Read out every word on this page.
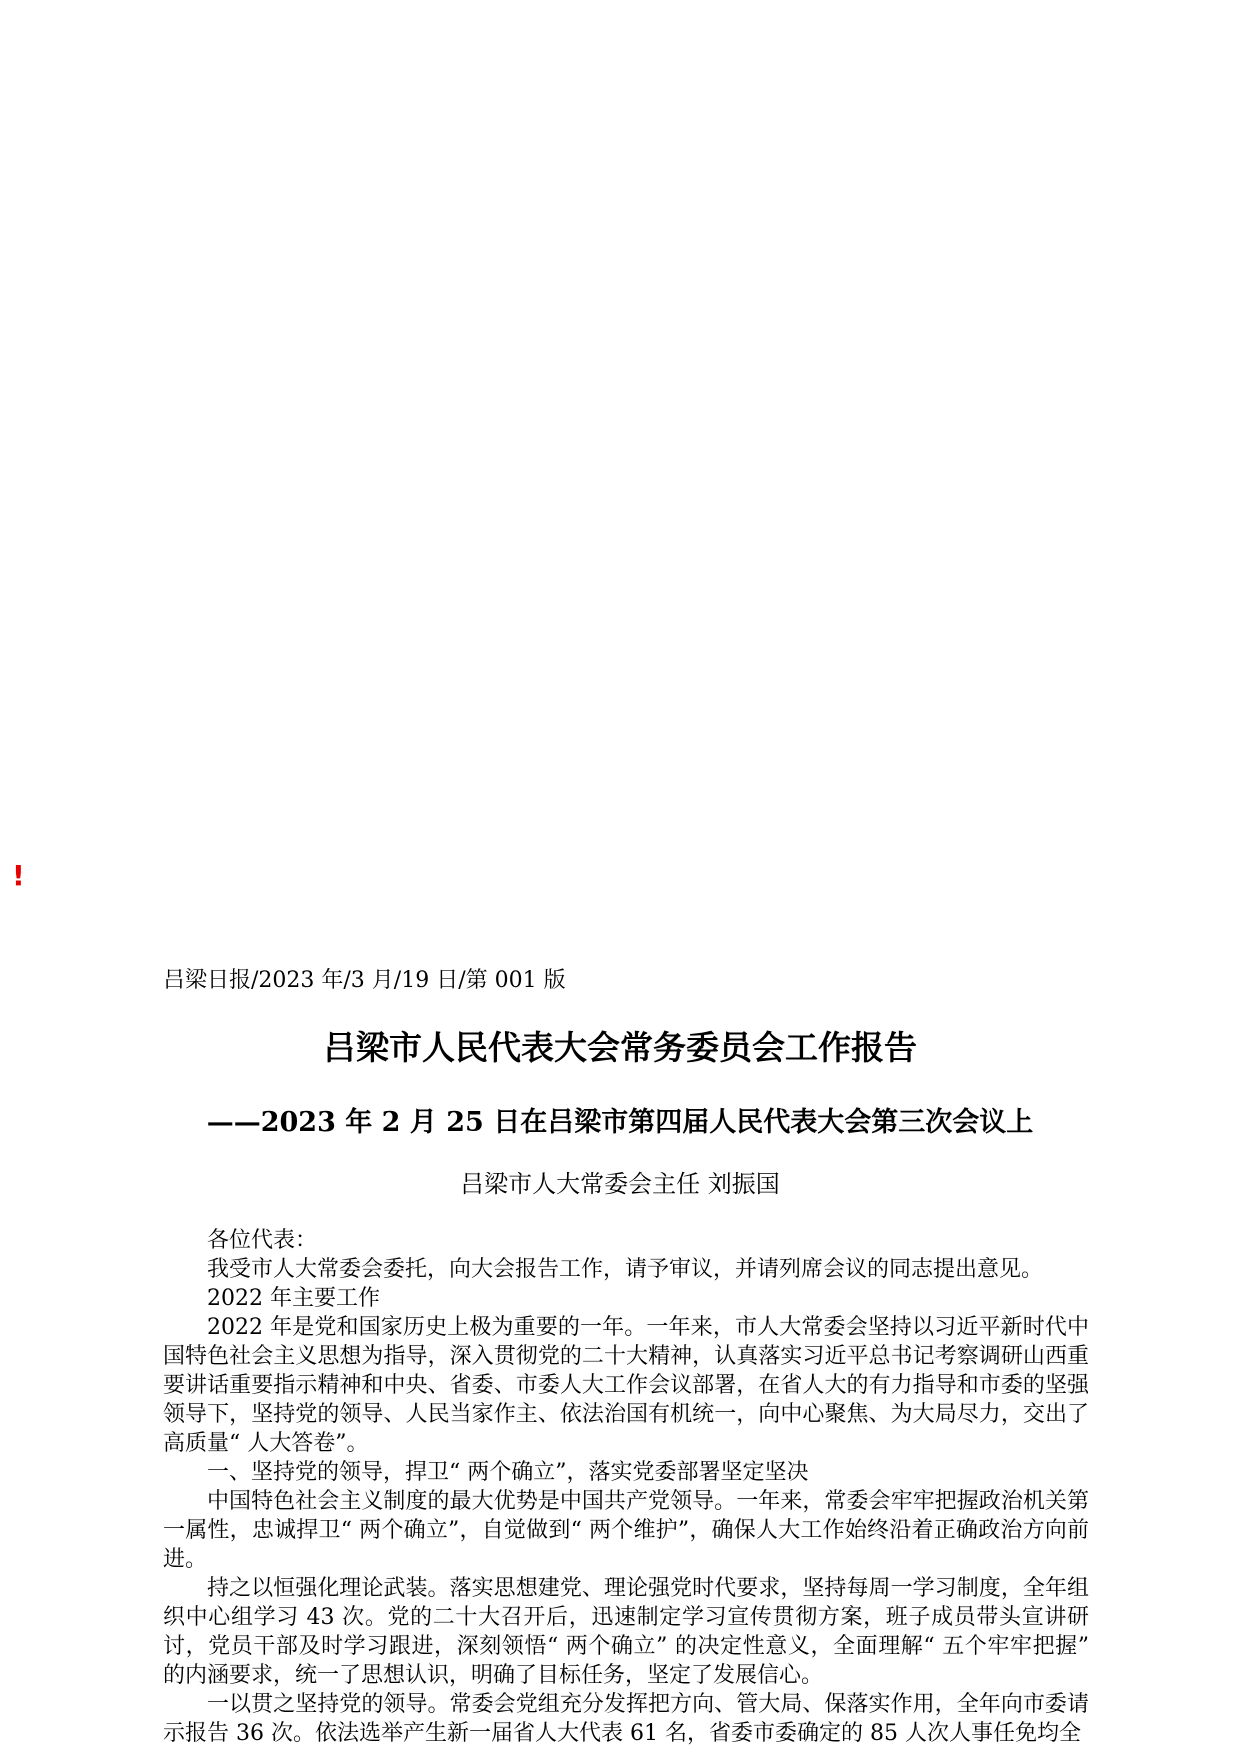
!
吕梁日报/2023 年/3 月/19 日/第 001 版
吕梁市人民代表大会常务委员会工作报告
——2023 年 2 月 25 日在吕梁市第四届人民代表大会第三次会议上
吕梁市人大常委会主任 刘振国

各位代表：

我受市人大常委会委托，向大会报告工作，请予审议，并请列席会议的同志提出意见。

2022 年主要工作

2022 年是党和国家历史上极为重要的一年。一年来，市人大常委会坚持以习近平新时代中国特色社会主义思想为指导，深入贯彻党的二十大精神，认真落实习近平总书记考察调研山西重要讲话重要指示精神和中央、省委、市委人大工作会议部署，在省人大的有力指导和市委的坚强领导下，坚持党的领导、人民当家作主、依法治国有机统一，向中心聚焦、为大局尽力，交出了高质量“ 人大答卷”。

一、坚持党的领导，捍卫“ 两个确立”，落实党委部署坚定坚决

中国特色社会主义制度的最大优势是中国共产党领导。一年来，常委会牢牢把握政治机关第一属性，忠诚捍卫“ 两个确立”，自觉做到“ 两个维护”，确保人大工作始终沿着正确政治方向前进。

持之以恒强化理论武装。落实思想建党、理论强党时代要求，坚持每周一学习制度，全年组织中心组学习 43 次。党的二十大召开后，迅速制定学习宣传贯彻方案，班子成员带头宣讲研讨，党员干部及时学习跟进，深刻领悟“ 两个确立” 的决定性意义，全面理解“ 五个牢牢把握” 的内涵要求，统一了思想认识，明确了目标任务，坚定了发展信心。

一以贯之坚持党的领导。常委会党组充分发挥把方向、管大局、保落实作用，全年向市委请示报告 36 次。依法选举产生新一届省人大代表 61 名，省委市委确定的 85 人次人事任免均全
